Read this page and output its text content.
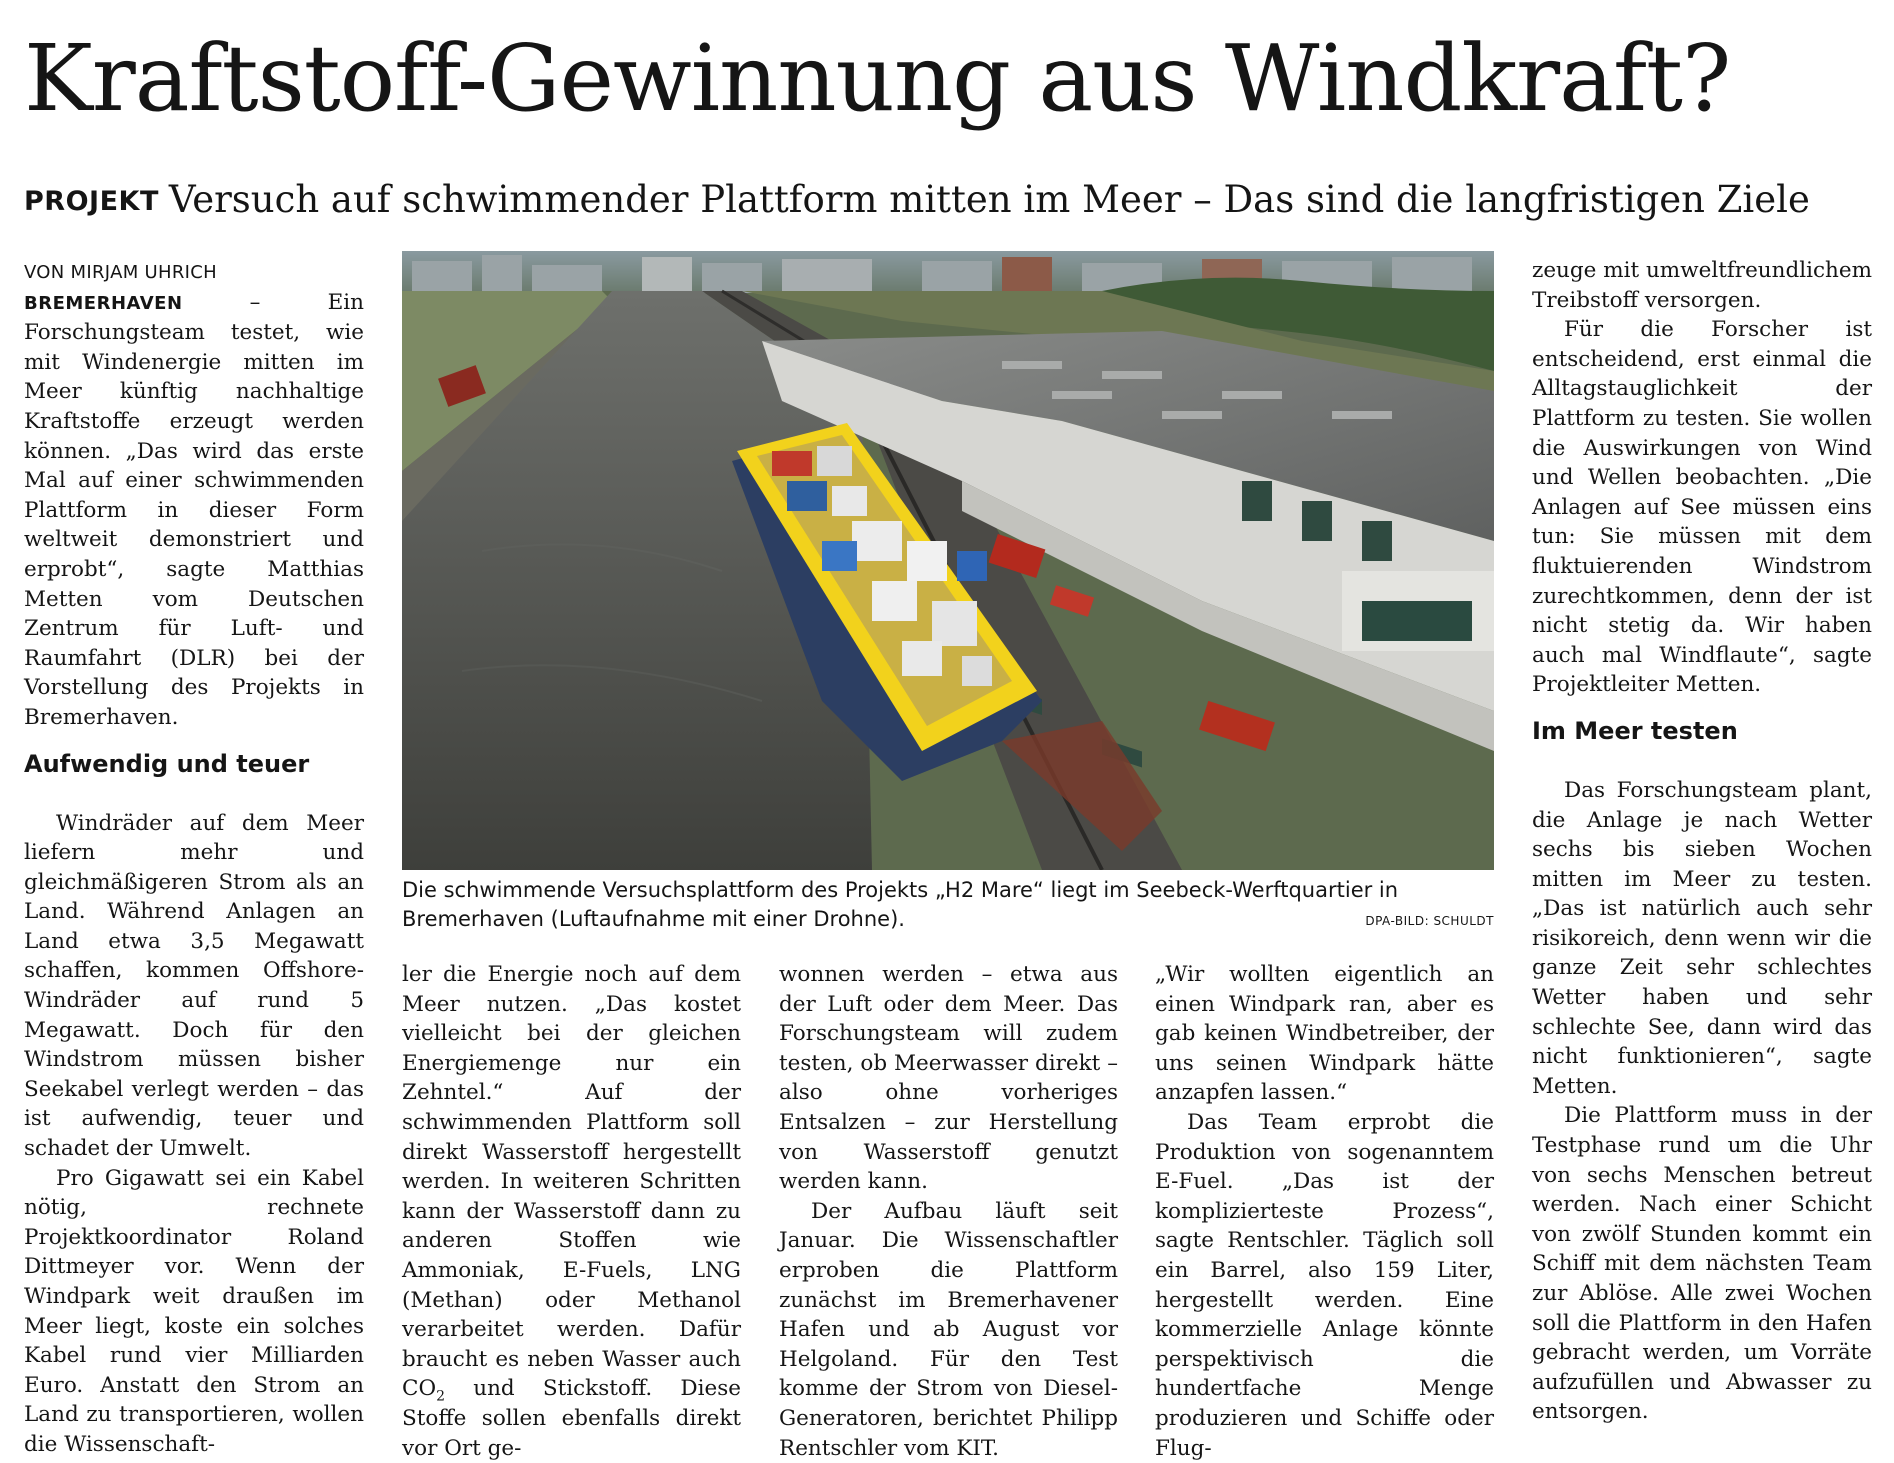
Kraftstoff-Gewinnung aus Windkraft?
PROJEKT Versuch auf schwimmender Plattform mitten im Meer – Das sind die langfristigen Ziele

VON MIRJAM UHRICH

BREMERHAVEN – Ein Forschungsteam testet, wie mit Windenergie mitten im Meer künftig nachhaltige Kraftstoffe erzeugt werden können. „Das wird das erste Mal auf einer schwimmenden Plattform in dieser Form weltweit demonstriert und erprobt“, sagte Matthias Metten vom Deutschen Zentrum für Luft- und Raumfahrt (DLR) bei der Vorstellung des Projekts in Bremerhaven.

Aufwendig und teuer

Windräder auf dem Meer liefern mehr und gleichmäßigeren Strom als an Land. Während Anlagen an Land etwa 3,5 Megawatt schaffen, kommen Offshore-Windräder auf rund 5 Megawatt. Doch für den Windstrom müssen bisher Seekabel verlegt werden – das ist aufwendig, teuer und schadet der Umwelt.

Pro Gigawatt sei ein Kabel nötig, rechnete Projektkoordinator Roland Dittmeyer vor. Wenn der Windpark weit draußen im Meer liegt, koste ein solches Kabel rund vier Milliarden Euro. Anstatt den Strom an Land zu transportieren, wollen die Wissenschaft-

Die schwimmende Versuchsplattform des Projekts „H2 Mare“ liegt im Seebeck-Werftquartier in Bremerhaven (Luftaufnahme mit einer Drohne).	DPA-BILD: SCHULDT

ler die Energie noch auf dem Meer nutzen. „Das kostet vielleicht bei der gleichen Energiemenge nur ein Zehntel.“ Auf der schwimmenden Plattform soll direkt Wasserstoff hergestellt werden. In weiteren Schritten kann der Wasserstoff dann zu anderen Stoffen wie Ammoniak, E-Fuels, LNG (Methan) oder Methanol verarbeitet werden. Dafür braucht es neben Wasser auch $CO_2$ und Stickstoff. Diese Stoffe sollen ebenfalls direkt vor Ort ge-

wonnen werden – etwa aus der Luft oder dem Meer. Das Forschungsteam will zudem testen, ob Meerwasser direkt – also ohne vorheriges Entsalzen – zur Herstellung von Wasserstoff genutzt werden kann.

Der Aufbau läuft seit Januar. Die Wissenschaftler erproben die Plattform zunächst im Bremerhavener Hafen und ab August vor Helgoland. Für den Test komme der Strom von Diesel-Generatoren, berichtet Philipp Rentschler vom KIT.

„Wir wollten eigentlich an einen Windpark ran, aber es gab keinen Windbetreiber, der uns seinen Windpark hätte anzapfen lassen.“

Das Team erprobt die Produktion von sogenanntem E-Fuel. „Das ist der komplizierteste Prozess“, sagte Rentschler. Täglich soll ein Barrel, also 159 Liter, hergestellt werden. Eine kommerzielle Anlage könnte perspektivisch die hundertfache Menge produzieren und Schiffe oder Flug-

zeuge mit umweltfreundlichem Treibstoff versorgen.

Für die Forscher ist entscheidend, erst einmal die Alltagstauglichkeit der Plattform zu testen. Sie wollen die Auswirkungen von Wind und Wellen beobachten. „Die Anlagen auf See müssen eins tun: Sie müssen mit dem fluktuierenden Windstrom zurechtkommen, denn der ist nicht stetig da. Wir haben auch mal Windflaute“, sagte Projektleiter Metten.

Im Meer testen

Das Forschungsteam plant, die Anlage je nach Wetter sechs bis sieben Wochen mitten im Meer zu testen. „Das ist natürlich auch sehr risikoreich, denn wenn wir die ganze Zeit sehr schlechtes Wetter haben und sehr schlechte See, dann wird das nicht funktionieren“, sagte Metten.

Die Plattform muss in der Testphase rund um die Uhr von sechs Menschen betreut werden. Nach einer Schicht von zwölf Stunden kommt ein Schiff mit dem nächsten Team zur Ablöse. Alle zwei Wochen soll die Plattform in den Hafen gebracht werden, um Vorräte aufzufüllen und Abwasser zu entsorgen.
